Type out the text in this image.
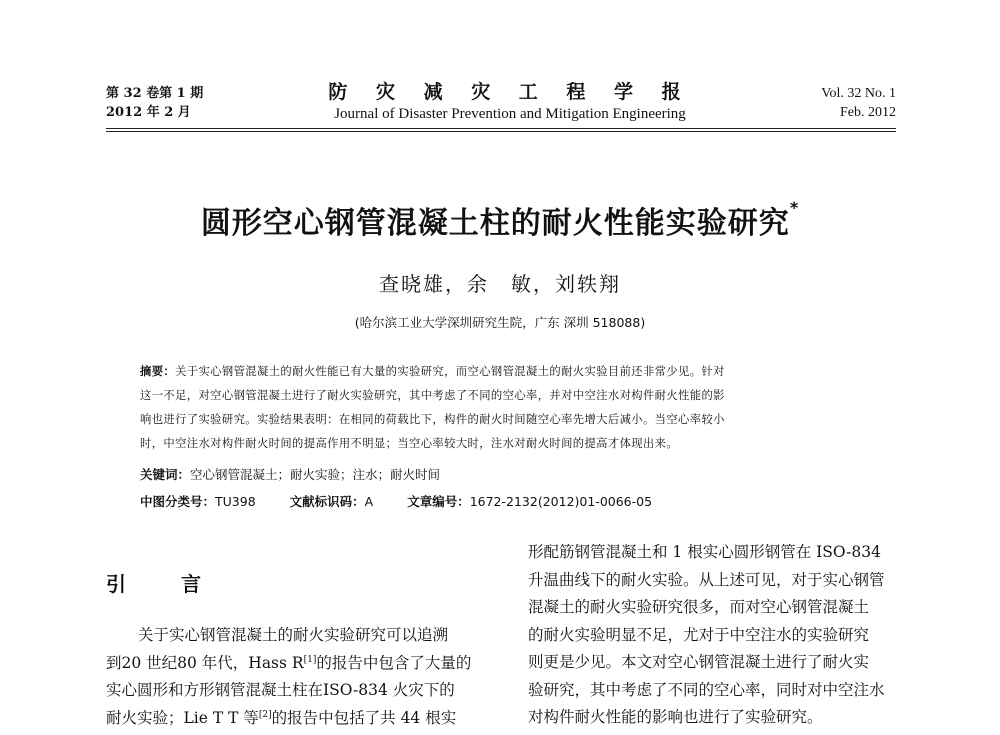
第 32 卷第 1 期
2012 年 2 月
防 灾 减 灾 工 程 学 报
Journal of Disaster Prevention and Mitigation Engineering
Vol. 32 No. 1
Feb. 2012
圆形空心钢管混凝土柱的耐火性能实验研究*
查晓雄，余　敏，刘轶翔
(哈尔滨工业大学深圳研究生院，广东 深圳 518088)
摘要：关于实心钢管混凝土的耐火性能已有大量的实验研究，而空心钢管混凝土的耐火实验目前还非常少见。针对
这一不足，对空心钢管混凝土进行了耐火实验研究，其中考虑了不同的空心率，并对中空注水对构件耐火性能的影
响也进行了实验研究。实验结果表明：在相同的荷载比下，构件的耐火时间随空心率先增大后减小。当空心率较小
时，中空注水对构件耐火时间的提高作用不明显；当空心率较大时，注水对耐火时间的提高才体现出来。
关键词：空心钢管混凝土；耐火实验；注水；耐火时间
中图分类号：TU398	文献标识码：A	文章编号：1672-2132(2012)01-0066-05
引 言
关于实心钢管混凝土的耐火实验研究可以追溯
到20 世纪80 年代，Hass R[1]的报告中包含了大量的
实心圆形和方形钢管混凝土柱在ISO-834 火灾下的
耐火实验；Lie T T 等[2]的报告中包括了共 44 根实
形配筋钢管混凝土和 1 根实心圆形钢管在 ISO-834
升温曲线下的耐火实验。从上述可见，对于实心钢管
混凝土的耐火实验研究很多，而对空心钢管混凝土
的耐火实验明显不足，尤对于中空注水的实验研究
则更是少见。本文对空心钢管混凝土进行了耐火实
验研究，其中考虑了不同的空心率，同时对中空注水
对构件耐火性能的影响也进行了实验研究。
